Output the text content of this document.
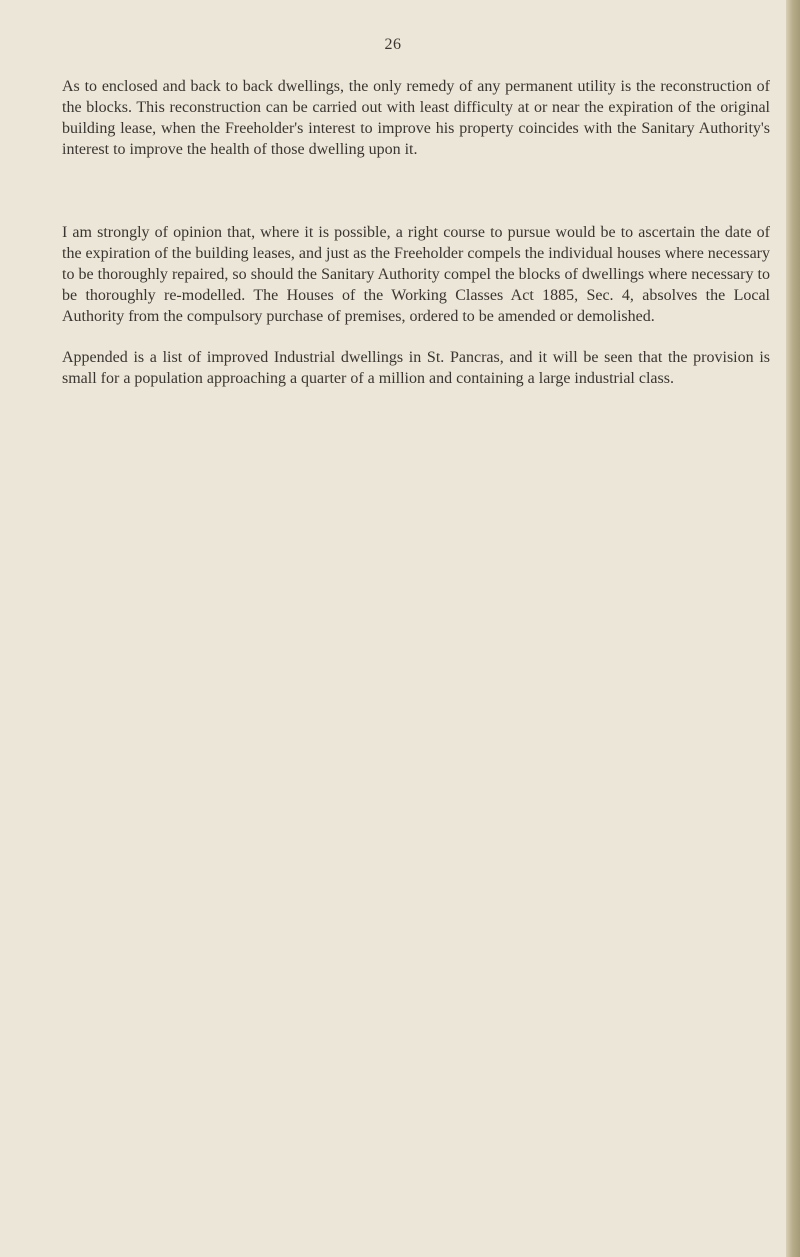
26

As to enclosed and back to back dwellings, the only remedy of any permanent utility is the reconstruction of the blocks. This reconstruction can be carried out with least difficulty at or near the expiration of the original building lease, when the Freeholder's interest to improve his property coincides with the Sanitary Authority's interest to improve the health of those dwelling upon it.

I am strongly of opinion that, where it is possible, a right course to pursue would be to ascertain the date of the expiration of the building leases, and just as the Freeholder compels the individual houses where necessary to be thoroughly repaired, so should the Sanitary Authority compel the blocks of dwellings where necessary to be thoroughly re-modelled. The Houses of the Working Classes Act 1885, Sec. 4, absolves the Local Authority from the compulsory purchase of premises, ordered to be amended or demolished.

Appended is a list of improved Industrial dwellings in St. Pancras, and it will be seen that the provision is small for a population approaching a quarter of a million and containing a large industrial class.
